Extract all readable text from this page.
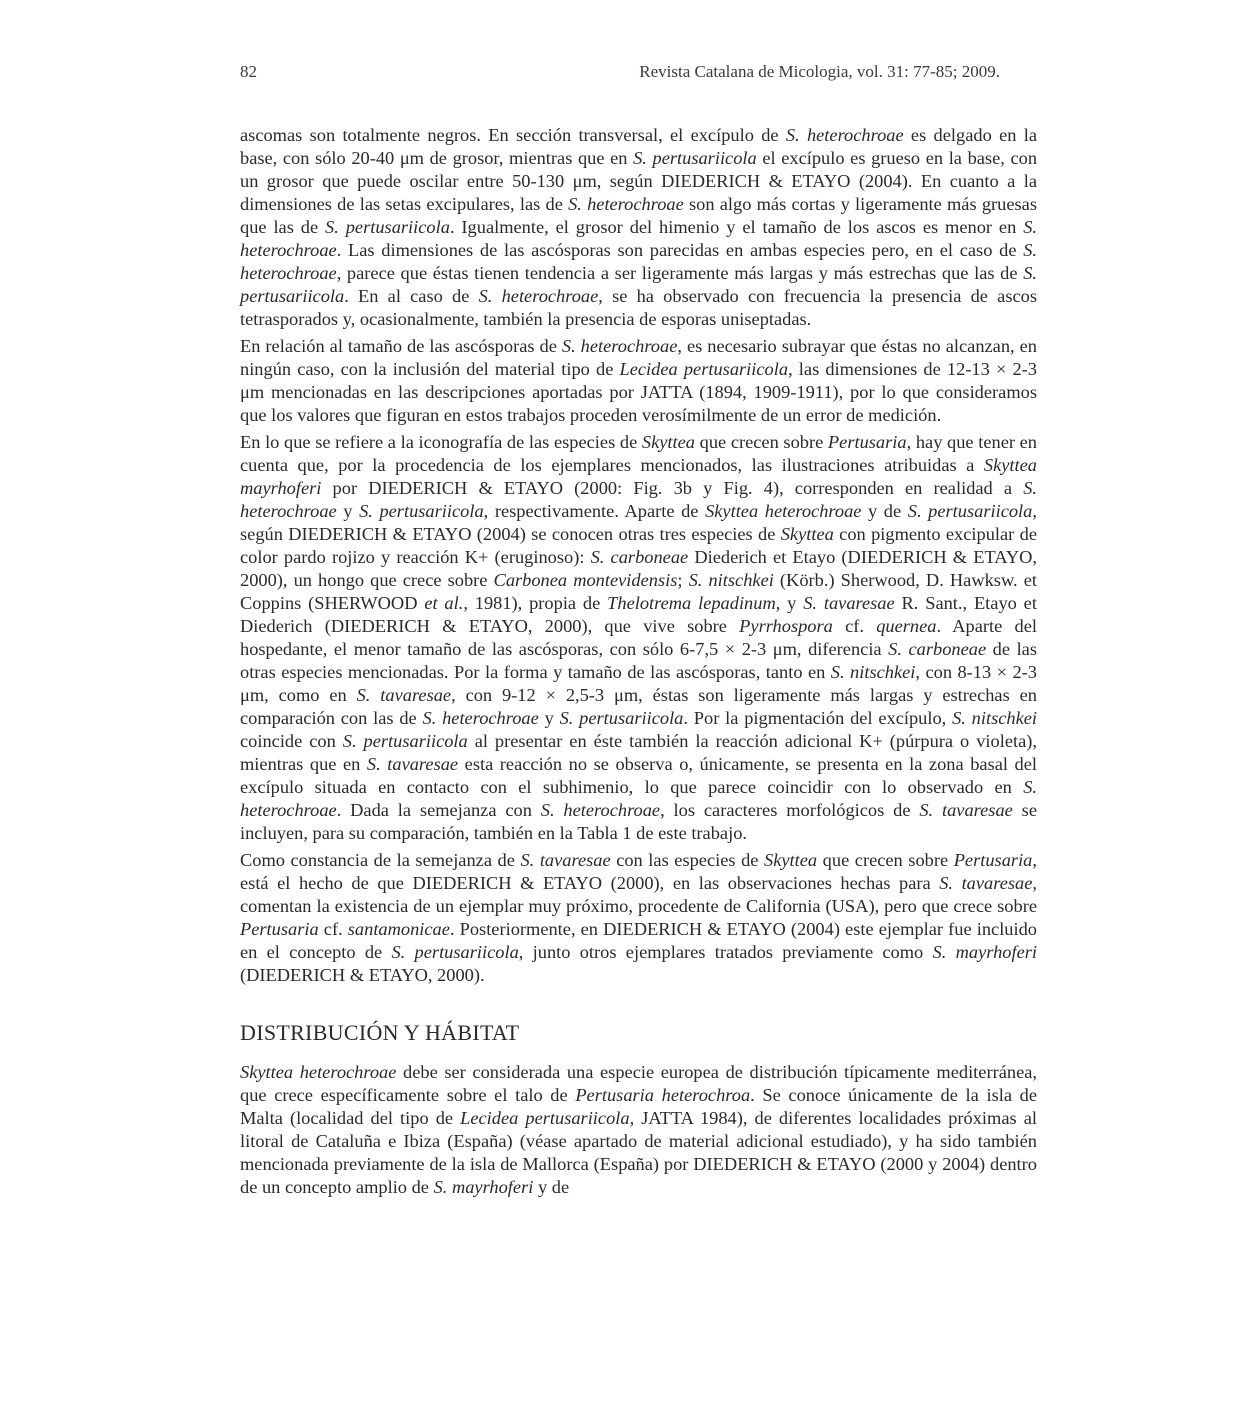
82	Revista Catalana de Micologia, vol. 31: 77-85; 2009.

ascomas son totalmente negros. En sección transversal, el excípulo de S. heterochroae es delgado en la base, con sólo 20-40 μm de grosor, mientras que en S. pertusariicola el excípulo es grueso en la base, con un grosor que puede oscilar entre 50-130 μm, según DIEDERICH & ETAYO (2004). En cuanto a la dimensiones de las setas excipulares, las de S. heterochroae son algo más cortas y ligeramente más gruesas que las de S. pertusariicola. Igualmente, el grosor del himenio y el tamaño de los ascos es menor en S. heterochroae. Las dimensiones de las ascósporas son parecidas en ambas especies pero, en el caso de S. heterochroae, parece que éstas tienen tendencia a ser ligeramente más largas y más estrechas que las de S. pertusariicola. En al caso de S. heterochroae, se ha observado con frecuencia la presencia de ascos tetrasporados y, ocasionalmente, también la presencia de esporas uniseptadas.

En relación al tamaño de las ascósporas de S. heterochroae, es necesario subrayar que éstas no alcanzan, en ningún caso, con la inclusión del material tipo de Lecidea pertusariicola, las dimensiones de 12-13 × 2-3 μm mencionadas en las descripciones aportadas por JATTA (1894, 1909-1911), por lo que consideramos que los valores que figuran en estos trabajos proceden verosímilmente de un error de medición.

En lo que se refiere a la iconografía de las especies de Skyttea que crecen sobre Pertusaria, hay que tener en cuenta que, por la procedencia de los ejemplares mencionados, las ilustraciones atribuidas a Skyttea mayrhoferi por DIEDERICH & ETAYO (2000: Fig. 3b y Fig. 4), corresponden en realidad a S. heterochroae y S. pertusariicola, respectivamente. Aparte de Skyttea heterochroae y de S. pertusariicola, según DIEDERICH & ETAYO (2004) se conocen otras tres especies de Skyttea con pigmento excipular de color pardo rojizo y reacción K+ (eruginoso): S. carboneae Diederich et Etayo (DIEDERICH & ETAYO, 2000), un hongo que crece sobre Carbonea montevidensis; S. nitschkei (Körb.) Sherwood, D. Hawksw. et Coppins (SHERWOOD et al., 1981), propia de Thelotrema lepadinum, y S. tavaresae R. Sant., Etayo et Diederich (DIEDERICH & ETAYO, 2000), que vive sobre Pyrrhospora cf. quernea. Aparte del hospedante, el menor tamaño de las ascósporas, con sólo 6-7,5 × 2-3 μm, diferencia S. carboneae de las otras especies mencionadas. Por la forma y tamaño de las ascósporas, tanto en S. nitschkei, con 8-13 × 2-3 μm, como en S. tavaresae, con 9-12 × 2,5-3 μm, éstas son ligeramente más largas y estrechas en comparación con las de S. heterochroae y S. pertusariicola. Por la pigmentación del excípulo, S. nitschkei coincide con S. pertusariicola al presentar en éste también la reacción adicional K+ (púrpura o violeta), mientras que en S. tavaresae esta reacción no se observa o, únicamente, se presenta en la zona basal del excípulo situada en contacto con el subhimenio, lo que parece coincidir con lo observado en S. heterochroae. Dada la semejanza con S. heterochroae, los caracteres morfológicos de S. tavaresae se incluyen, para su comparación, también en la Tabla 1 de este trabajo.

Como constancia de la semejanza de S. tavaresae con las especies de Skyttea que crecen sobre Pertusaria, está el hecho de que DIEDERICH & ETAYO (2000), en las observaciones hechas para S. tavaresae, comentan la existencia de un ejemplar muy próximo, procedente de California (USA), pero que crece sobre Pertusaria cf. santamonicae. Posteriormente, en DIEDERICH & ETAYO (2004) este ejemplar fue incluido en el concepto de S. pertusariicola, junto otros ejemplares tratados previamente como S. mayrhoferi (DIEDERICH & ETAYO, 2000).

DISTRIBUCIÓN Y HÁBITAT

Skyttea heterochroae debe ser considerada una especie europea de distribución típicamente mediterránea, que crece específicamente sobre el talo de Pertusaria heterochroa. Se conoce únicamente de la isla de Malta (localidad del tipo de Lecidea pertusariicola, JATTA 1984), de diferentes localidades próximas al litoral de Cataluña e Ibiza (España) (véase apartado de material adicional estudiado), y ha sido también mencionada previamente de la isla de Mallorca (España) por DIEDERICH & ETAYO (2000 y 2004) dentro de un concepto amplio de S. mayrhoferi y de
